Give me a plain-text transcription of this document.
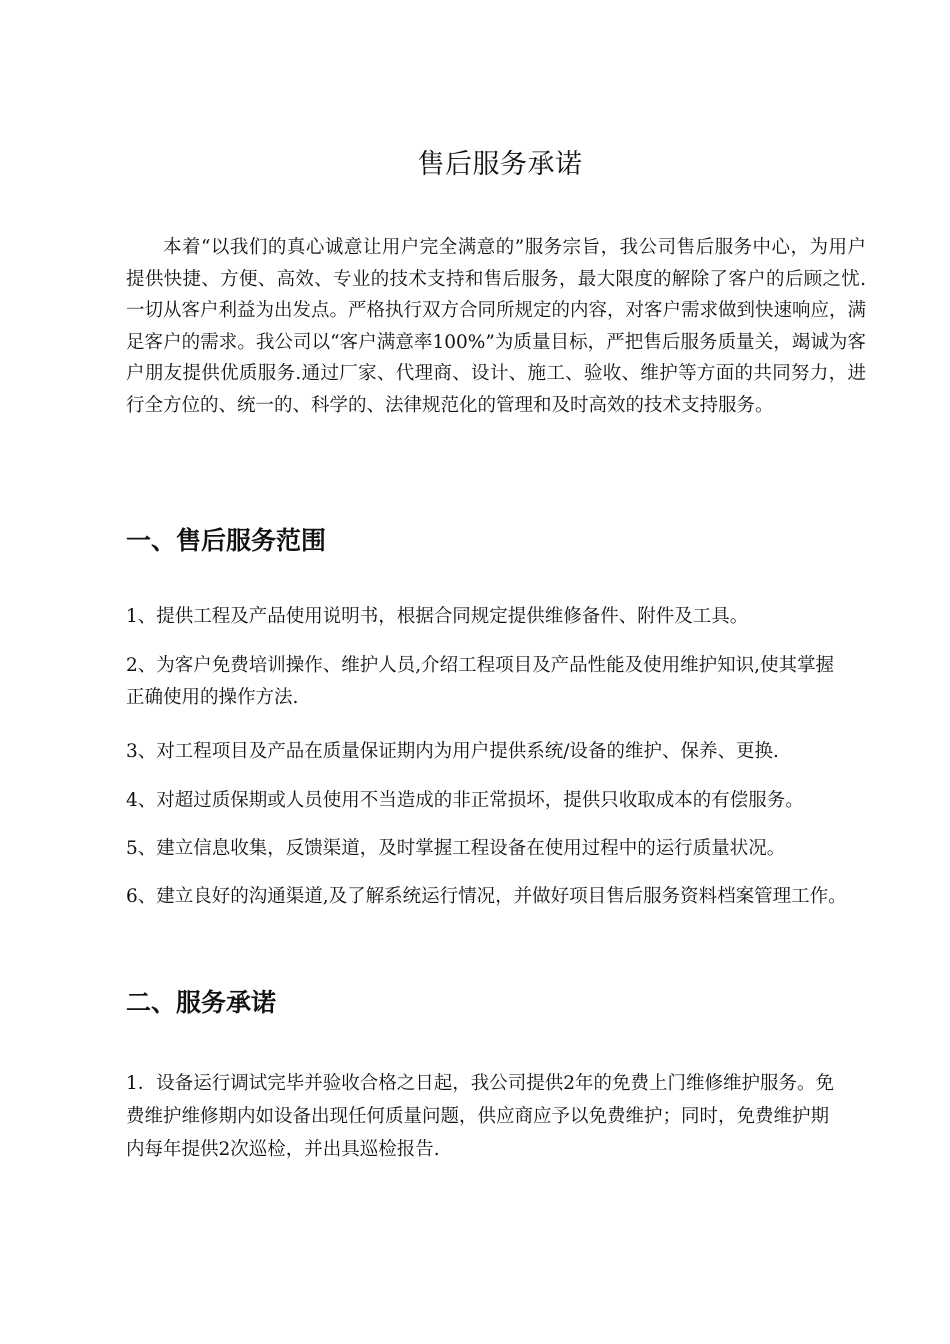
售后服务承诺

本着“以我们的真心诚意让用户完全满意的”服务宗旨，我公司售后服务中心，为用户提供快捷、方便、高效、专业的技术支持和售后服务，最大限度的解除了客户的后顾之忧.　一切从客户利益为出发点。严格执行双方合同所规定的内容，对客户需求做到快速响应，满足客户的需求。我公司以“客户满意率100%”为质量目标，严把售后服务质量关，竭诚为客户朋友提供优质服务.通过厂家、代理商、设计、施工、验收、维护等方面的共同努力，进行全方位的、统一的、科学的、法律规范化的管理和及时高效的技术支持服务。

一、售后服务范围

1、提供工程及产品使用说明书，根据合同规定提供维修备件、附件及工具。

2、为客户免费培训操作、维护人员,介绍工程项目及产品性能及使用维护知识,使其掌握正确使用的操作方法.

3、对工程项目及产品在质量保证期内为用户提供系统/设备的维护、保养、更换.

4、对超过质保期或人员使用不当造成的非正常损坏，提供只收取成本的有偿服务。

5、建立信息收集，反馈渠道，及时掌握工程设备在使用过程中的运行质量状况。

6、建立良好的沟通渠道,及了解系统运行情况，并做好项目售后服务资料档案管理工作。

二、服务承诺

1．设备运行调试完毕并验收合格之日起，我公司提供2年的免费上门维修维护服务。免费维护维修期内如设备出现任何质量问题，供应商应予以免费维护；同时，免费维护期内每年提供2次巡检，并出具巡检报告.
